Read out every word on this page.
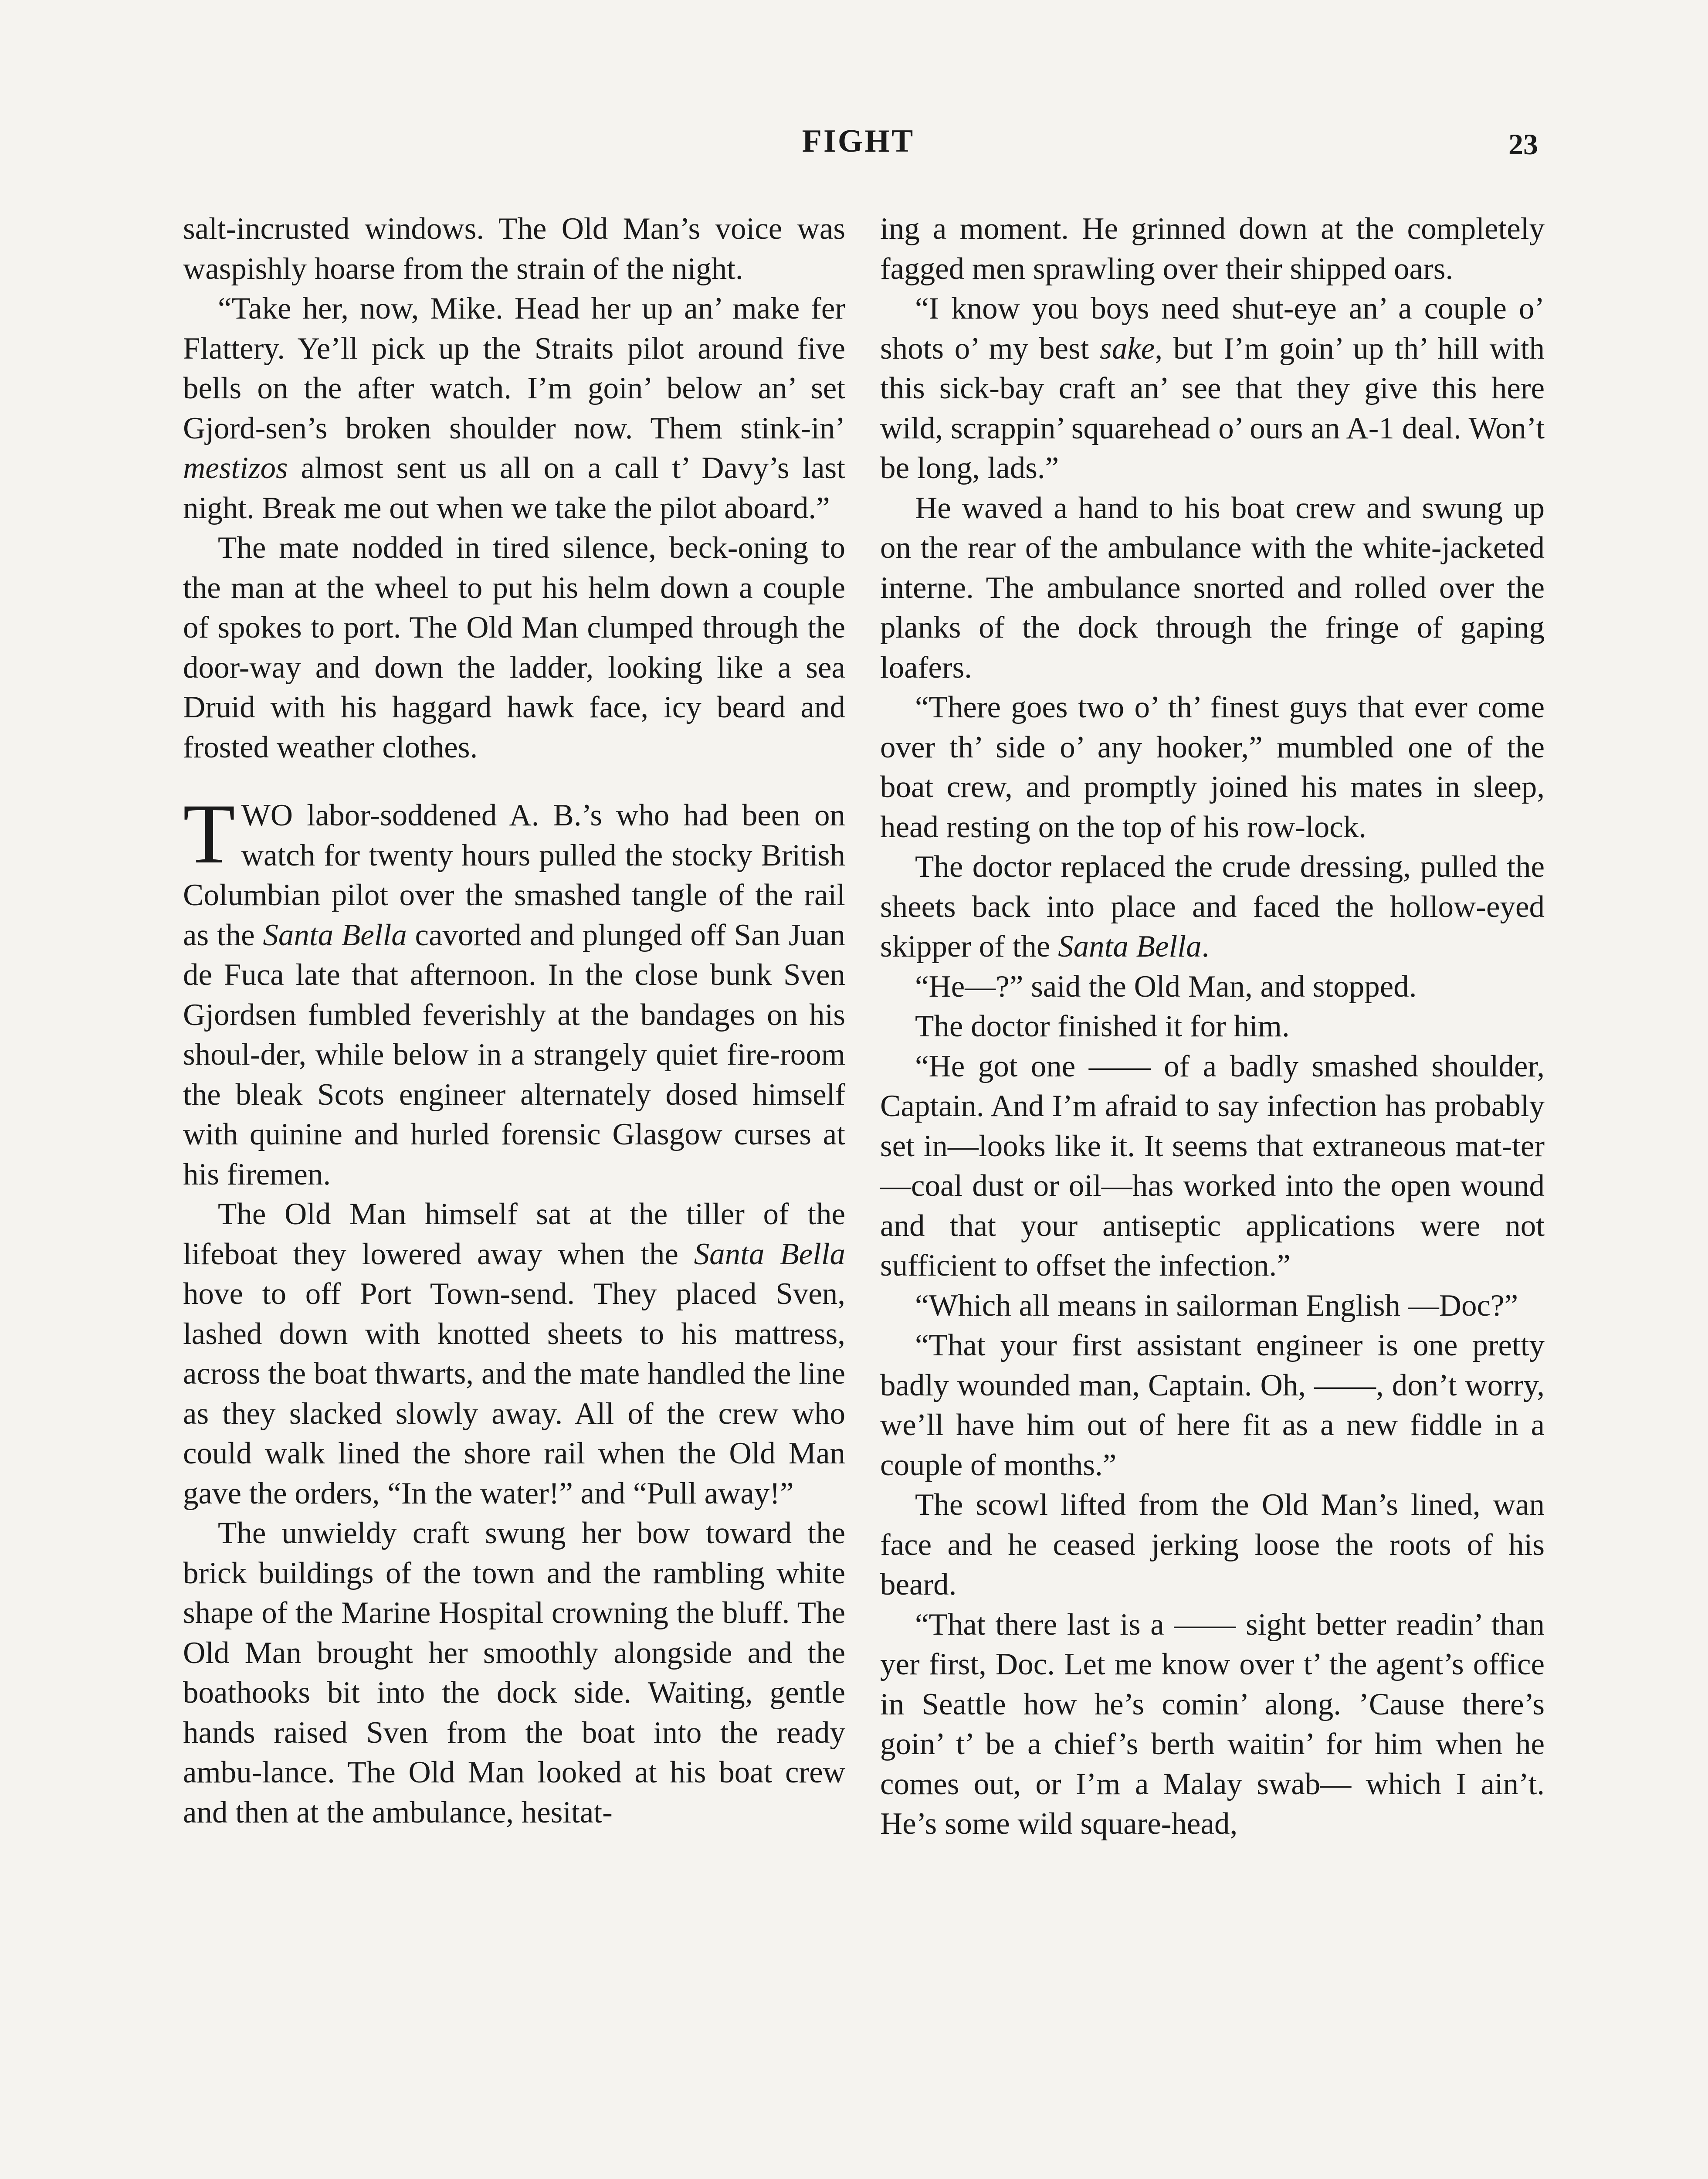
FIGHT	23

salt-incrusted windows. The Old Man’s voice was waspishly hoarse from the strain of the night.

“Take her, now, Mike. Head her up an’ make fer Flattery. Ye’ll pick up the Straits pilot around five bells on the after watch. I’m goin’ below an’ set Gjord-sen’s broken shoulder now. Them stink-in’ mestizos almost sent us all on a call t’ Davy’s last night. Break me out when we take the pilot aboard.”

The mate nodded in tired silence, beck-oning to the man at the wheel to put his helm down a couple of spokes to port. The Old Man clumped through the door-way and down the ladder, looking like a sea Druid with his haggard hawk face, icy beard and frosted weather clothes.

TWO labor-soddened A. B.’s who had been on watch for twenty hours pulled the stocky British Columbian pilot over the smashed tangle of the rail as the Santa Bella cavorted and plunged off San Juan de Fuca late that afternoon. In the close bunk Sven Gjordsen fumbled feverishly at the bandages on his shoul-der, while below in a strangely quiet fire-room the bleak Scots engineer alternately dosed himself with quinine and hurled forensic Glasgow curses at his firemen.

The Old Man himself sat at the tiller of the lifeboat they lowered away when the Santa Bella hove to off Port Town-send. They placed Sven, lashed down with knotted sheets to his mattress, across the boat thwarts, and the mate handled the line as they slacked slowly away. All of the crew who could walk lined the shore rail when the Old Man gave the orders, “In the water!” and “Pull away!”

The unwieldy craft swung her bow toward the brick buildings of the town and the rambling white shape of the Marine Hospital crowning the bluff. The Old Man brought her smoothly alongside and the boathooks bit into the dock side. Waiting, gentle hands raised Sven from the boat into the ready ambu-lance. The Old Man looked at his boat crew and then at the ambulance, hesitat-

ing a moment. He grinned down at the completely fagged men sprawling over their shipped oars.

“I know you boys need shut-eye an’ a couple o’ shots o’ my best sake, but I’m goin’ up th’ hill with this sick-bay craft an’ see that they give this here wild, scrappin’ squarehead o’ ours an A-1 deal. Won’t be long, lads.”

He waved a hand to his boat crew and swung up on the rear of the ambulance with the white-jacketed interne. The ambulance snorted and rolled over the planks of the dock through the fringe of gaping loafers.

“There goes two o’ th’ finest guys that ever come over th’ side o’ any hooker,” mumbled one of the boat crew, and promptly joined his mates in sleep, head resting on the top of his row-lock.

The doctor replaced the crude dressing, pulled the sheets back into place and faced the hollow-eyed skipper of the Santa Bella.

“He—?” said the Old Man, and stopped.

The doctor finished it for him.

“He got one —— of a badly smashed shoulder, Captain. And I’m afraid to say infection has probably set in—looks like it. It seems that extraneous mat-ter—coal dust or oil—has worked into the open wound and that your antiseptic applications were not sufficient to offset the infection.”

“Which all means in sailorman English —Doc?”

“That your first assistant engineer is one pretty badly wounded man, Captain. Oh, ——, don’t worry, we’ll have him out of here fit as a new fiddle in a couple of months.”

The scowl lifted from the Old Man’s lined, wan face and he ceased jerking loose the roots of his beard.

“That there last is a —— sight better readin’ than yer first, Doc. Let me know over t’ the agent’s office in Seattle how he’s comin’ along. ’Cause there’s goin’ t’ be a chief’s berth waitin’ for him when he comes out, or I’m a Malay swab— which I ain’t. He’s some wild square-head,
